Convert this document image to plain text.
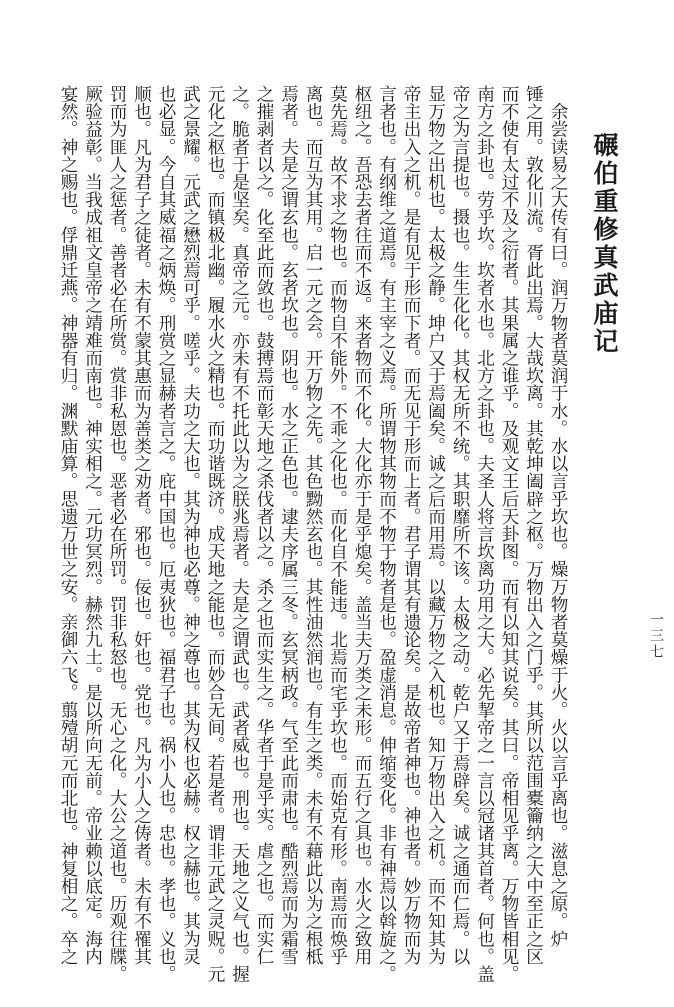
碾伯重修真武庙记
　余尝读易之大传有曰。润万物者莫润于水。水以言乎坎也。燥万物者莫燥于火。火以言乎离也。滋息之原。炉
锤之用。敦化川流。胥此出焉。大哉坎离。其乾坤阖辟之枢。万物出入之门乎。其所以范围橐籥纳之大中至正之区
而不使有太过不及之衍者。其果属之谁乎。及观文王后天卦图。而有以知其说矣。其曰。帝相见乎离。万物皆相见。
南方之卦也。劳乎坎。坎者水也。北方之卦也。夫圣人将言坎离功用之大。必先挈帝之一言以冠诸其首者。何也。盖
帝之为言提也。摄也。生生化化。其权无所不统。其职靡所不该。太极之动。乾户又于焉辟矣。诚之通而仁焉。以
显万物之出机也。太极之静。坤户又于焉阖矣。诚之后而用焉。以藏万物之入机也。知万物出入之机。而不知其为
帝主出入之机。是有见于形而下者。而无见于形而上者。君子谓其有遗论矣。是故帝者神也。神也者。妙万物而为
言者也。有纲维之道焉。有主宰之义焉。所谓物其物而不物于物者是也。盈虚消息。伸缩变化。非有神焉以斡旋之。
枢纽之。吾恐去者往而不返。来者物而不化。大化亦于是乎熄矣。盖当夫万类之未形。而五行之具也。水火之致用
莫先焉。故不求之物也。而物自不能外。不乖之化也。而化自不能违。北焉而宅乎坎也。而始克有形。南焉而焕乎
离也。而互为其用。启一元之会。开万物之先。其色黝然玄也。其性油然润也。有生之类。未有不藉此以为之根柢
焉者。夫是之谓玄也。玄者坎也。阴也。水之正色也。逮夫序属三冬。玄冥柄政。气至此而肃也。酷烈焉而为霜雪
之摧剥者以之。化至此而敛也。鼓搏焉而彰天地之杀伐者以之。杀之也而实生之。华者于是乎实。虐之也。而实仁
之。脆者于是坚矣。真帝之元。亦未有不托此以为之朕兆焉者。夫是之谓武也。武者威也。刑也。天地之义气也。握
元化之枢也。而镇极北幽。履水火之精也。而功谐既济。成天地之能也。而妙合无间。若是者。谓非元武之灵贶。元
武之景耀。元武之懋烈焉可乎。嗟乎。夫功之大也。其为神也必尊。神之尊也。其为权也必赫。权之赫也。其为灵
也必显。今自其威福之炳焕。刑赏之显赫者言之。庇中国也。厄夷狄也。福君子也。祸小人也。忠也。孝也。义也。
顺也。凡为君子之徒者。未有不蒙其惠而为善类之劝者。邪也。佞也。奸也。党也。凡为小人之俦者。未有不罹其
罚而为匪人之惩者。善者必在所赏。赏非私恩也。恶者必在所罚。罚非私怒也。无心之化。大公之道也。历观往牒。
厥验益彰。当我成祖文皇帝之靖难而南也。神实相之。元功冥烈。赫然九土。是以所向无前。帝业赖以底定。海内
宴然。神之赐也。俘鼎迁燕。神器有归。渊默庙算。思遗万世之安。亲御六飞。翦殪胡元而北也。神复相之。卒之	一三七
